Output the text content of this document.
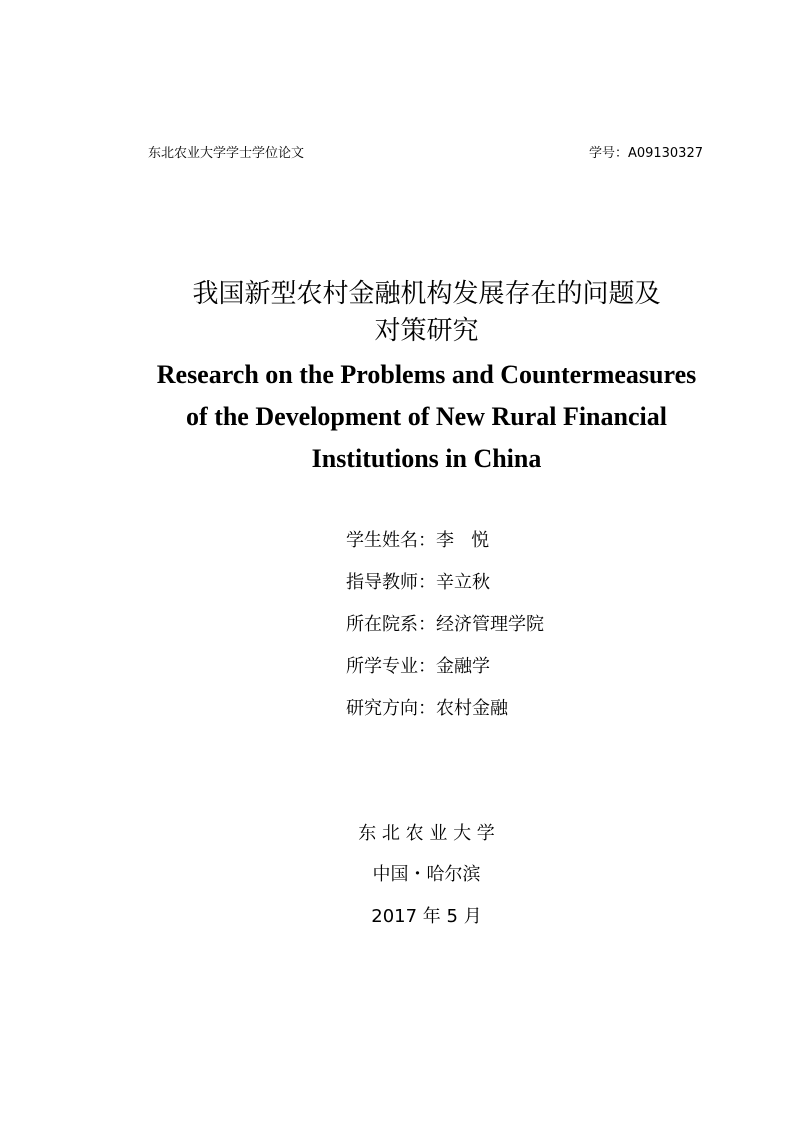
东北农业大学学士学位论文	学号：A09130327
我国新型农村金融机构发展存在的问题及
对策研究
Research on the Problems and Countermeasures
of the Development of New Rural Financial
Institutions in China
学生姓名：李   悦
指导教师：辛立秋
所在院系：经济管理学院
所学专业：金融学
研究方向：农村金融
东 北 农 业 大 学
中国・哈尔滨
2017 年 5 月
